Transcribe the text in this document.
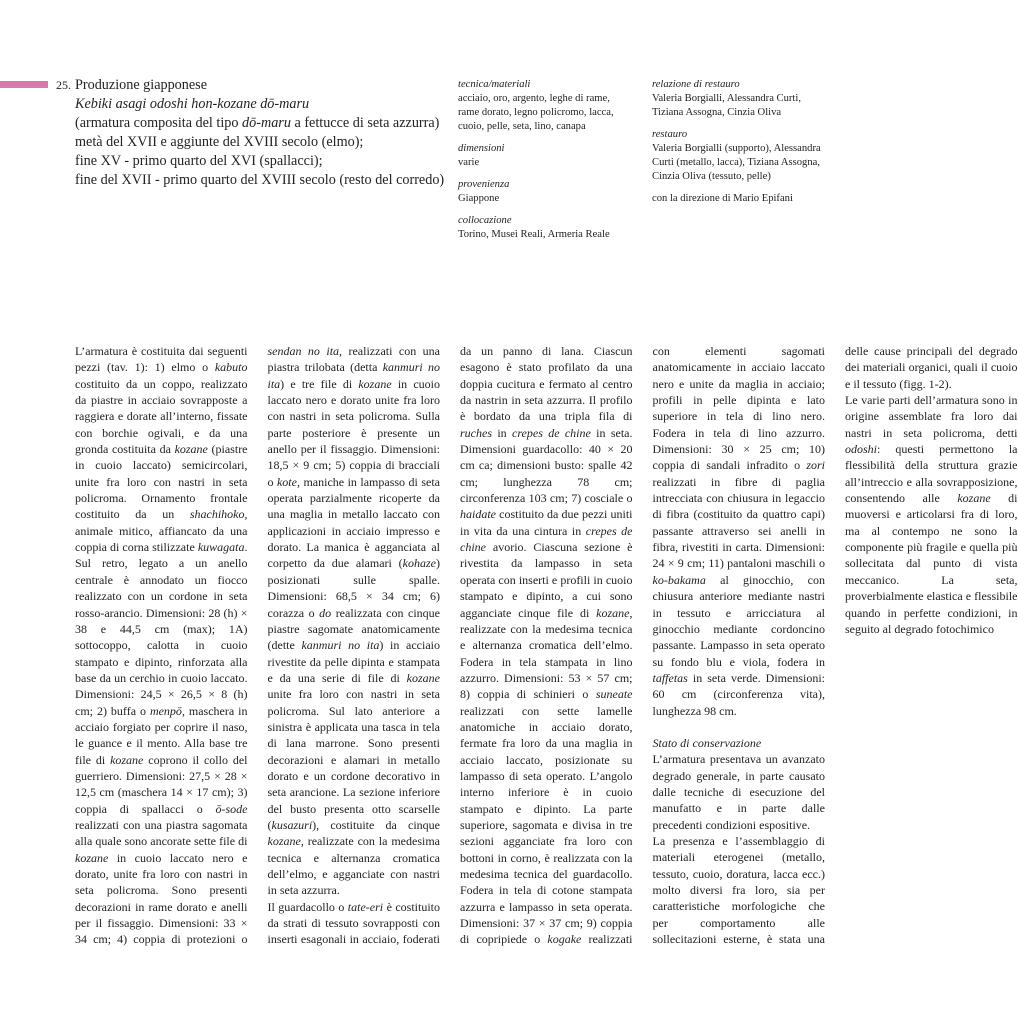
25. Produzione giapponese
Kebiki asagi odoshi hon-kozane dō-maru
(armatura composita del tipo dō-maru a fettucce di seta azzurra)
metà del XVII e aggiunte del XVIII secolo (elmo);
fine XV - primo quarto del XVI (spallacci);
fine del XVII - primo quarto del XVIII secolo (resto del corredo)
tecnica/materiali
acciaio, oro, argento, leghe di rame, rame dorato, legno policromo, lacca, cuoio, pelle, seta, lino, canapa
dimensioni
varie
provenienza
Giappone
collocazione
Torino, Musei Reali, Armeria Reale
relazione di restauro
Valeria Borgialli, Alessandra Curti, Tiziana Assogna, Cinzia Oliva
restauro
Valeria Borgialli (supporto), Alessandra Curti (metallo, lacca), Tiziana Assogna, Cinzia Oliva (tessuto, pelle)
con la direzione di Mario Epifani

L’armatura è costituita dai seguenti pezzi (tav. 1): 1) elmo o kabuto costituito da un coppo, realizzato da piastre in acciaio sovrapposte a raggiera e dorate all’interno, fissate con borchie ogivali, e da una gronda costituita da kozane (piastre in cuoio laccato) semicircolari, unite fra loro con nastri in seta policroma. Ornamento frontale costituito da un shachihoko, animale mitico, affiancato da una coppia di corna stilizzate kuwagata. Sul retro, legato a un anello centrale è annodato un fiocco realizzato con un cordone in seta rosso-arancio. Dimensioni: 28 (h) × 38 e 44,5 cm (max); 1A) sottocoppo, calotta in cuoio stampato e dipinto, rinforzata alla base da un cerchio in cuoio laccato. Dimensioni: 24,5 × 26,5 × 8 (h) cm; 2) buffa o menpō, maschera in acciaio forgiato per coprire il naso, le guance e il mento. Alla base tre file di kozane coprono il collo del guerriero. Dimensioni: 27,5 × 28 × 12,5 cm (maschera 14 × 17 cm); 3) coppia di spallacci o ō-sode realizzati con una piastra sagomata alla quale sono ancorate sette file di kozane in cuoio laccato nero e dorato, unite fra loro con nastri in seta policroma. Sono presenti decorazioni in rame dorato e anelli per il fissaggio. Dimensioni: 33 × 34 cm; 4) coppia di protezioni o sendan no ita, realizzati con una piastra trilobata (detta kanmuri no ita) e tre file di kozane in cuoio laccato nero e dorato unite fra loro con nastri in seta policroma. Sulla parte posteriore è presente un anello per il fissaggio. Dimensioni: 18,5 × 9 cm; 5) coppia di bracciali o kote, maniche in lampasso di seta operata parzialmente ricoperte da una maglia in metallo laccato con applicazioni in acciaio impresso e dorato. La manica è agganciata al corpetto da due alamari (kohaze) posizionati sulle spalle. Dimensioni: 68,5 × 34 cm; 6) corazza o do realizzata con cinque piastre sagomate anatomicamente (dette kanmuri no ita) in acciaio rivestite da pelle dipinta e stampata e da una serie di file di kozane unite fra loro con nastri in seta policroma. Sul lato anteriore a sinistra è applicata una tasca in tela di lana marrone. Sono presenti decorazioni e alamari in metallo dorato e un cordone decorativo in seta arancione. La sezione inferiore del busto presenta otto scarselle (kusazuri), costituite da cinque kozane, realizzate con la medesima tecnica e alternanza cromatica dell’elmo, e agganciate con nastri in seta azzurra.

Il guardacollo o tate-eri è costituito da strati di tessuto sovrapposti con inserti esagonali in acciaio, foderati da un panno di lana. Ciascun esagono è stato profilato da una doppia cucitura e fermato al centro da nastrin in seta azzurra. Il profilo è bordato da una tripla fila di ruches in crepes de chine in seta. Dimensioni guardacollo: 40 × 20 cm ca; dimensioni busto: spalle 42 cm; lunghezza 78 cm; circonferenza 103 cm; 7) cosciale o haidate costituito da due pezzi uniti in vita da una cintura in crepes de chine avorio. Ciascuna sezione è rivestita da lampasso in seta operata con inserti e profili in cuoio stampato e dipinto, a cui sono agganciate cinque file di kozane, realizzate con la medesima tecnica e alternanza cromatica dell’elmo. Fodera in tela stampata in lino azzurro. Dimensioni: 53 × 57 cm; 8) coppia di schinieri o suneate realizzati con sette lamelle anatomiche in acciaio dorato, fermate fra loro da una maglia in acciaio laccato, posizionate su lampasso di seta operato. L’angolo interno inferiore è in cuoio stampato e dipinto. La parte superiore, sagomata e divisa in tre sezioni agganciate fra loro con bottoni in corno, è realizzata con la medesima tecnica del guardacollo. Fodera in tela di cotone stampata azzurra e lampasso in seta operata. Dimensioni: 37 × 37 cm; 9) coppia di copripiede o kogake realizzati con elementi sagomati anatomicamente in acciaio laccato nero e unite da maglia in acciaio; profili in pelle dipinta e lato superiore in tela di lino nero. Fodera in tela di lino azzurro. Dimensioni: 30 × 25 cm; 10) coppia di sandali infradito o zori realizzati in fibre di paglia intrecciata con chiusura in legaccio di fibra (costituito da quattro capi) passante attraverso sei anelli in fibra, rivestiti in carta. Dimensioni: 24 × 9 cm; 11) pantaloni maschili o ko-bakama al ginocchio, con chiusura anteriore mediante nastri in tessuto e arricciatura al ginocchio mediante cordoncino passante. Lampasso in seta operato su fondo blu e viola, fodera in taffetas in seta verde. Dimensioni: 60 cm (circonferenza vita), lunghezza 98 cm.

Stato di conservazione

L’armatura presentava un avanzato degrado generale, in parte causato dalle tecniche di esecuzione del manufatto e in parte dalle precedenti condizioni espositive.

La presenza e l’assemblaggio di materiali eterogenei (metallo, tessuto, cuoio, doratura, lacca ecc.) molto diversi fra loro, sia per caratteristiche morfologiche che per comportamento alle sollecitazioni esterne, è stata una delle cause principali del degrado dei materiali organici, quali il cuoio e il tessuto (figg. 1-2).

Le varie parti dell’armatura sono in origine assemblate fra loro dai nastri in seta policroma, detti odoshi: questi permettono la flessibilità della struttura grazie all’intreccio e alla sovrapposizione, consentendo alle kozane di muoversi e articolarsi fra di loro, ma al contempo ne sono la componente più fragile e quella più sollecitata dal punto di vista meccanico. La seta, proverbialmente elastica e flessibile quando in perfette condizioni, in seguito al degrado fotochimico
